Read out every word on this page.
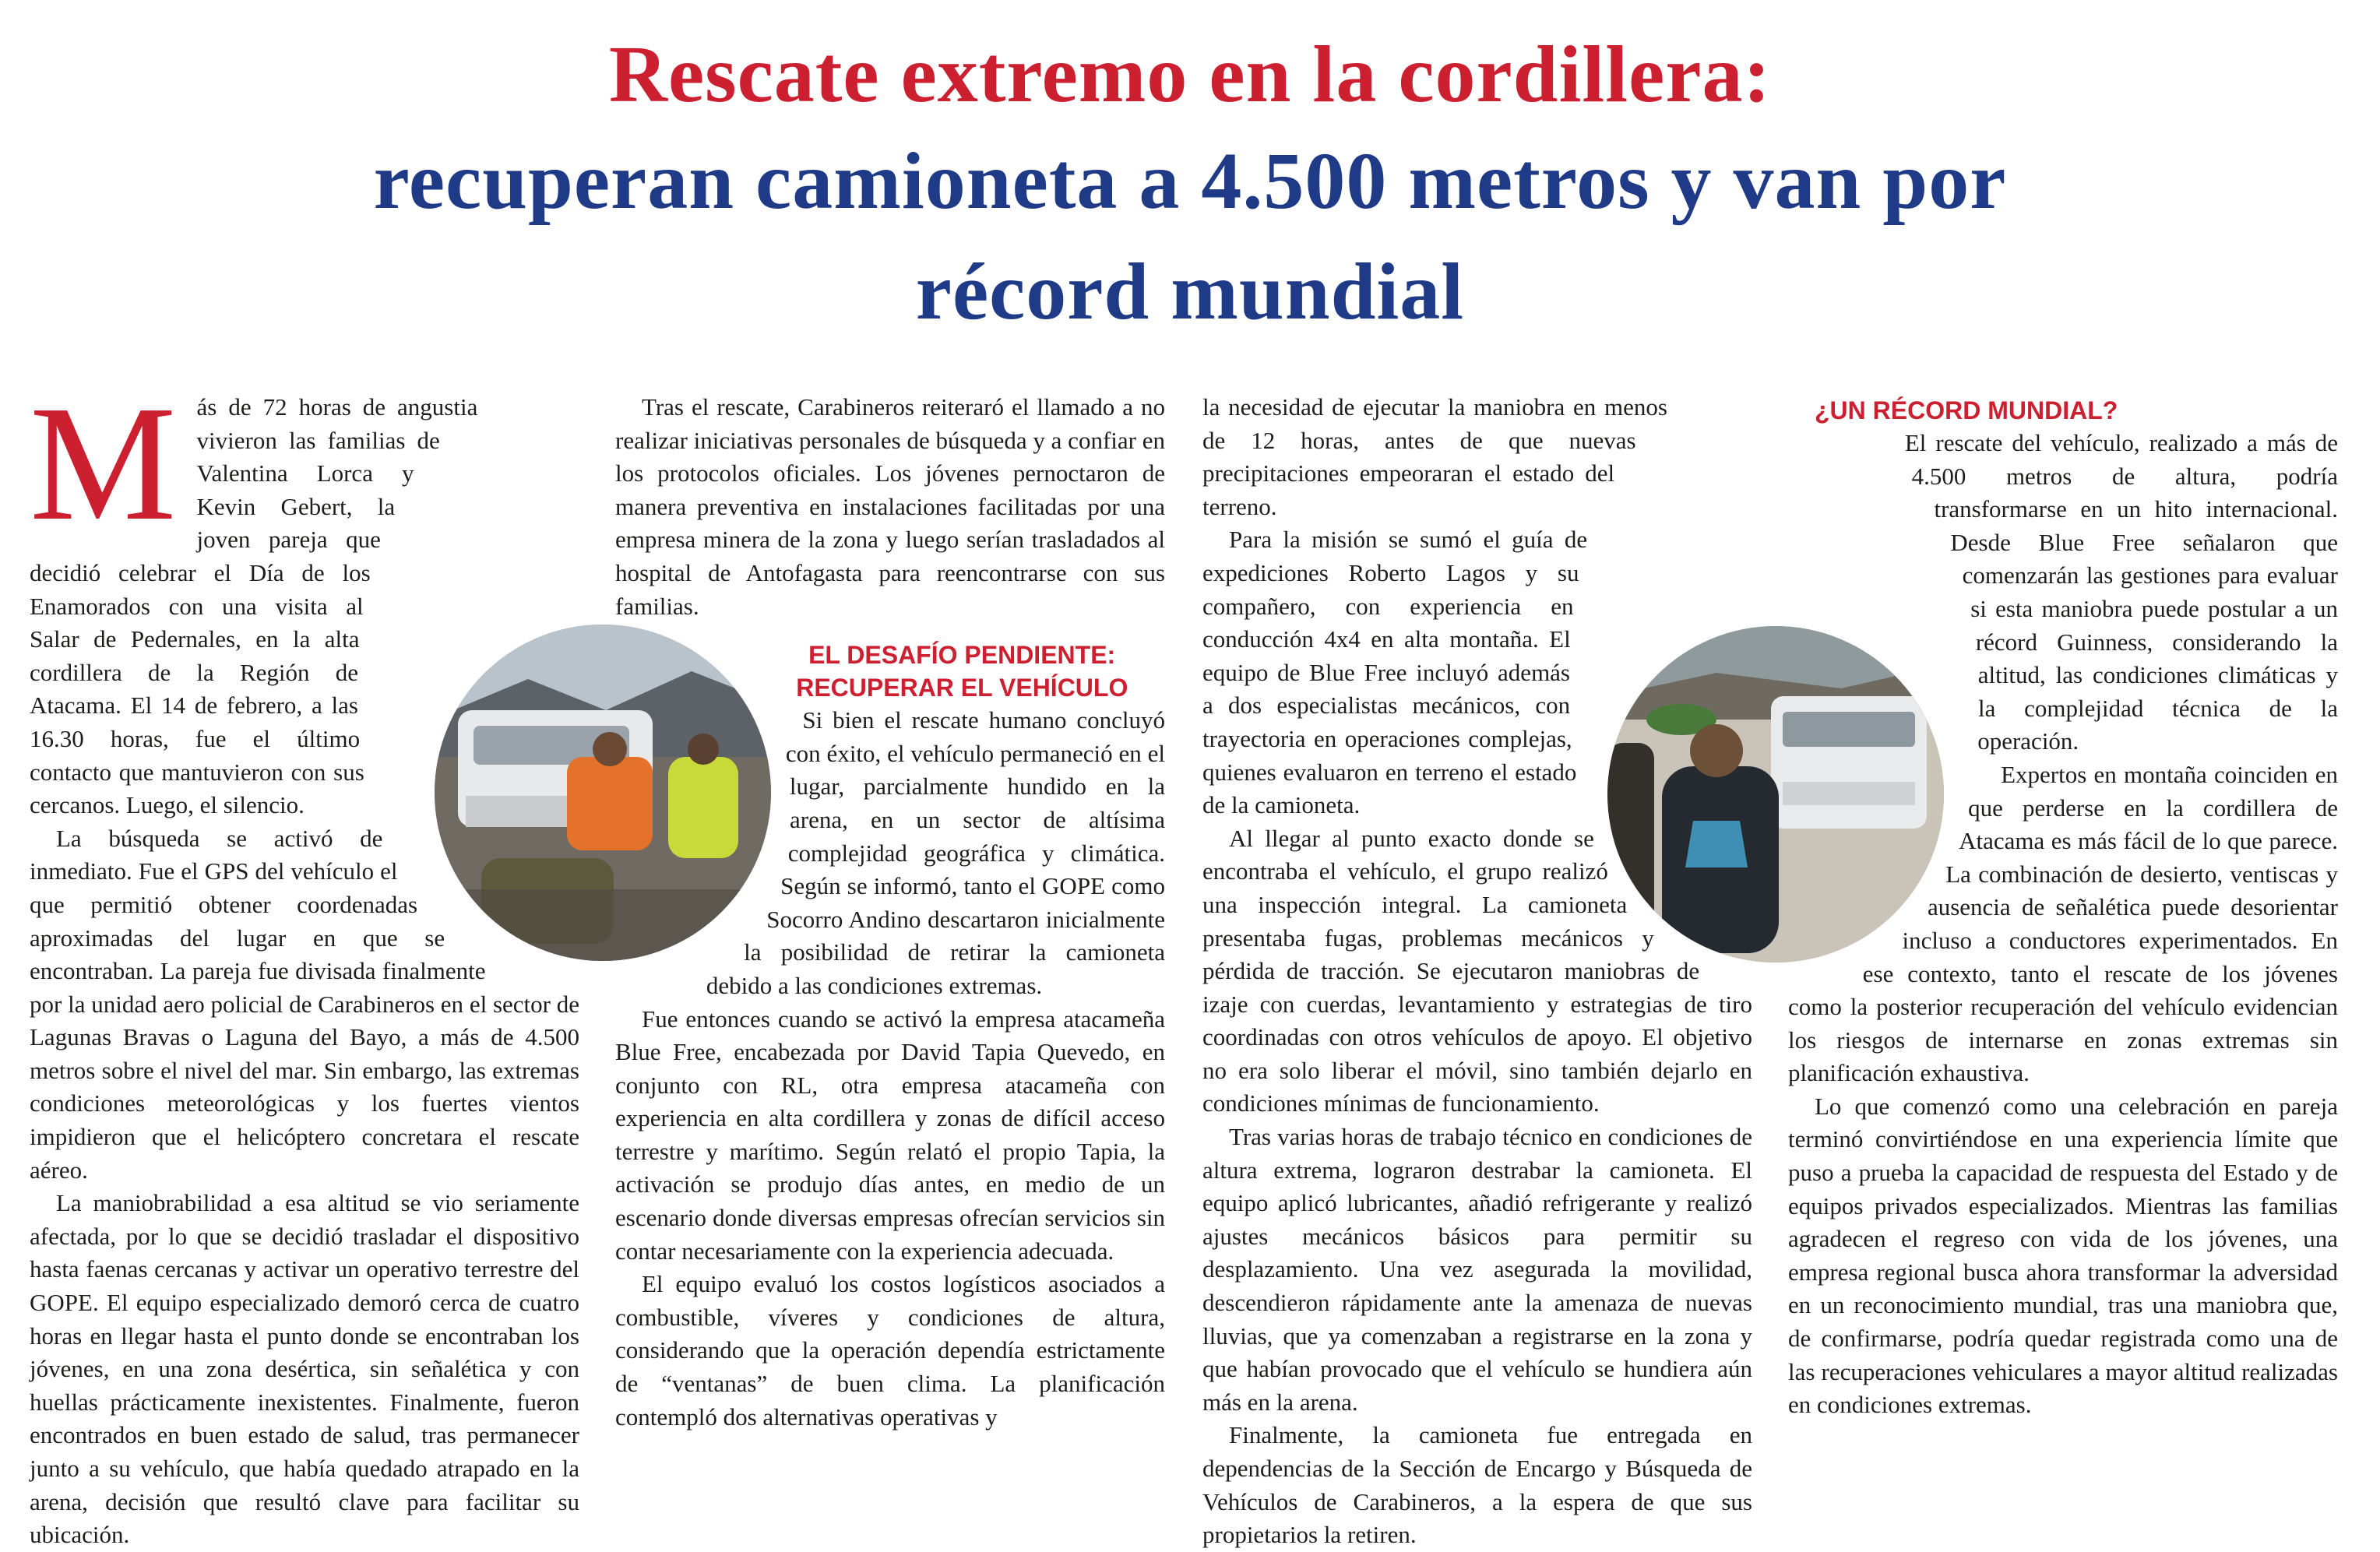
Rescate extremo en la cordillera:
recuperan camioneta a 4.500 metros y van por
récord mundial
M ás de 72 horas de angustia vivieron las familias de Valentina Lorca y Kevin Gebert, la joven pareja que decidió celebrar el Día de los Enamorados con una visita al Salar de Pedernales, en la alta cordillera de la Región de Atacama. El 14 de febrero, a las 16.30 horas, fue el último contacto que mantuvieron con sus cercanos. Luego, el silencio.

La búsqueda se activó de inmediato. Fue el GPS del vehículo el que permitió obtener coordenadas aproximadas del lugar en que se encontraban. La pareja fue divisada finalmente por la unidad aero policial de Carabineros en el sector de Lagunas Bravas o Laguna del Bayo, a más de 4.500 metros sobre el nivel del mar. Sin embargo, las extremas condiciones meteorológicas y los fuertes vientos impidieron que el helicóptero concretara el rescate aéreo.

La maniobrabilidad a esa altitud se vio seriamente afectada, por lo que se decidió trasladar el dispositivo hasta faenas cercanas y activar un operativo terrestre del GOPE. El equipo especializado demoró cerca de cuatro horas en llegar hasta el punto donde se encontraban los jóvenes, en una zona desértica, sin señalética y con huellas prácticamente inexistentes. Finalmente, fueron encontrados en buen estado de salud, tras permanecer junto a su vehículo, que había quedado atrapado en la arena, decisión que resultó clave para facilitar su ubicación.

Tras el rescate, Carabineros reiteraró el llamado a no realizar iniciativas personales de búsqueda y a confiar en los protocolos oficiales. Los jóvenes pernoctaron de manera preventiva en instalaciones facilitadas por una empresa minera de la zona y luego serían trasladados al hospital de Antofagasta para reencontrarse con sus familias.

EL DESAFÍO PENDIENTE:
RECUPERAR EL VEHÍCULO

Si bien el rescate humano concluyó con éxito, el vehículo permaneció en el lugar, parcialmente hundido en la arena, en un sector de altísima complejidad geográfica y climática. Según se informó, tanto el GOPE como Socorro Andino descartaron inicialmente la posibilidad de retirar la camioneta debido a las condiciones extremas.

Fue entonces cuando se activó la empresa atacameña Blue Free, encabezada por David Tapia Quevedo, en conjunto con RL, otra empresa atacameña con experiencia en alta cordillera y zonas de difícil acceso terrestre y marítimo. Según relató el propio Tapia, la activación se produjo días antes, en medio de un escenario donde diversas empresas ofrecían servicios sin contar necesariamente con la experiencia adecuada.

El equipo evaluó los costos logísticos asociados a combustible, víveres y condiciones de altura, considerando que la operación dependía estrictamente de “ventanas” de buen clima. La planificación contempló dos alternativas operativas y

la necesidad de ejecutar la maniobra en menos de 12 horas, antes de que nuevas precipitaciones empeoraran el estado del terreno.

Para la misión se sumó el guía de expediciones Roberto Lagos y su compañero, con experiencia en conducción 4x4 en alta montaña. El equipo de Blue Free incluyó además a dos especialistas mecánicos, con trayectoria en operaciones complejas, quienes evaluaron en terreno el estado de la camioneta.

Al llegar al punto exacto donde se encontraba el vehículo, el grupo realizó una inspección integral. La camioneta presentaba fugas, problemas mecánicos y pérdida de tracción. Se ejecutaron maniobras de izaje con cuerdas, levantamiento y estrategias de tiro coordinadas con otros vehículos de apoyo. El objetivo no era solo liberar el móvil, sino también dejarlo en condiciones mínimas de funcionamiento.

Tras varias horas de trabajo técnico en condiciones de altura extrema, lograron destrabar la camioneta. El equipo aplicó lubricantes, añadió refrigerante y realizó ajustes mecánicos básicos para permitir su desplazamiento. Una vez asegurada la movilidad, descendieron rápidamente ante la amenaza de nuevas lluvias, que ya comenzaban a registrarse en la zona y que habían provocado que el vehículo se hundiera aún más en la arena.

Finalmente, la camioneta fue entregada en dependencias de la Sección de Encargo y Búsqueda de Vehículos de Carabineros, a la espera de que sus propietarios la retiren.

¿UN RÉCORD MUNDIAL?

El rescate del vehículo, realizado a más de 4.500 metros de altura, podría transformarse en un hito internacional. Desde Blue Free señalaron que comenzarán las gestiones para evaluar si esta maniobra puede postular a un récord Guinness, considerando la altitud, las condiciones climáticas y la complejidad técnica de la operación.

Expertos en montaña coinciden en que perderse en la cordillera de Atacama es más fácil de lo que parece. La combinación de desierto, ventiscas y ausencia de señalética puede desorientar incluso a conductores experimentados. En ese contexto, tanto el rescate de los jóvenes como la posterior recuperación del vehículo evidencian los riesgos de internarse en zonas extremas sin planificación exhaustiva.

Lo que comenzó como una celebración en pareja terminó convirtiéndose en una experiencia límite que puso a prueba la capacidad de respuesta del Estado y de equipos privados especializados. Mientras las familias agradecen el regreso con vida de los jóvenes, una empresa regional busca ahora transformar la adversidad en un reconocimiento mundial, tras una maniobra que, de confirmarse, podría quedar registrada como una de las recuperaciones vehiculares a mayor altitud realizadas en condiciones extremas.
